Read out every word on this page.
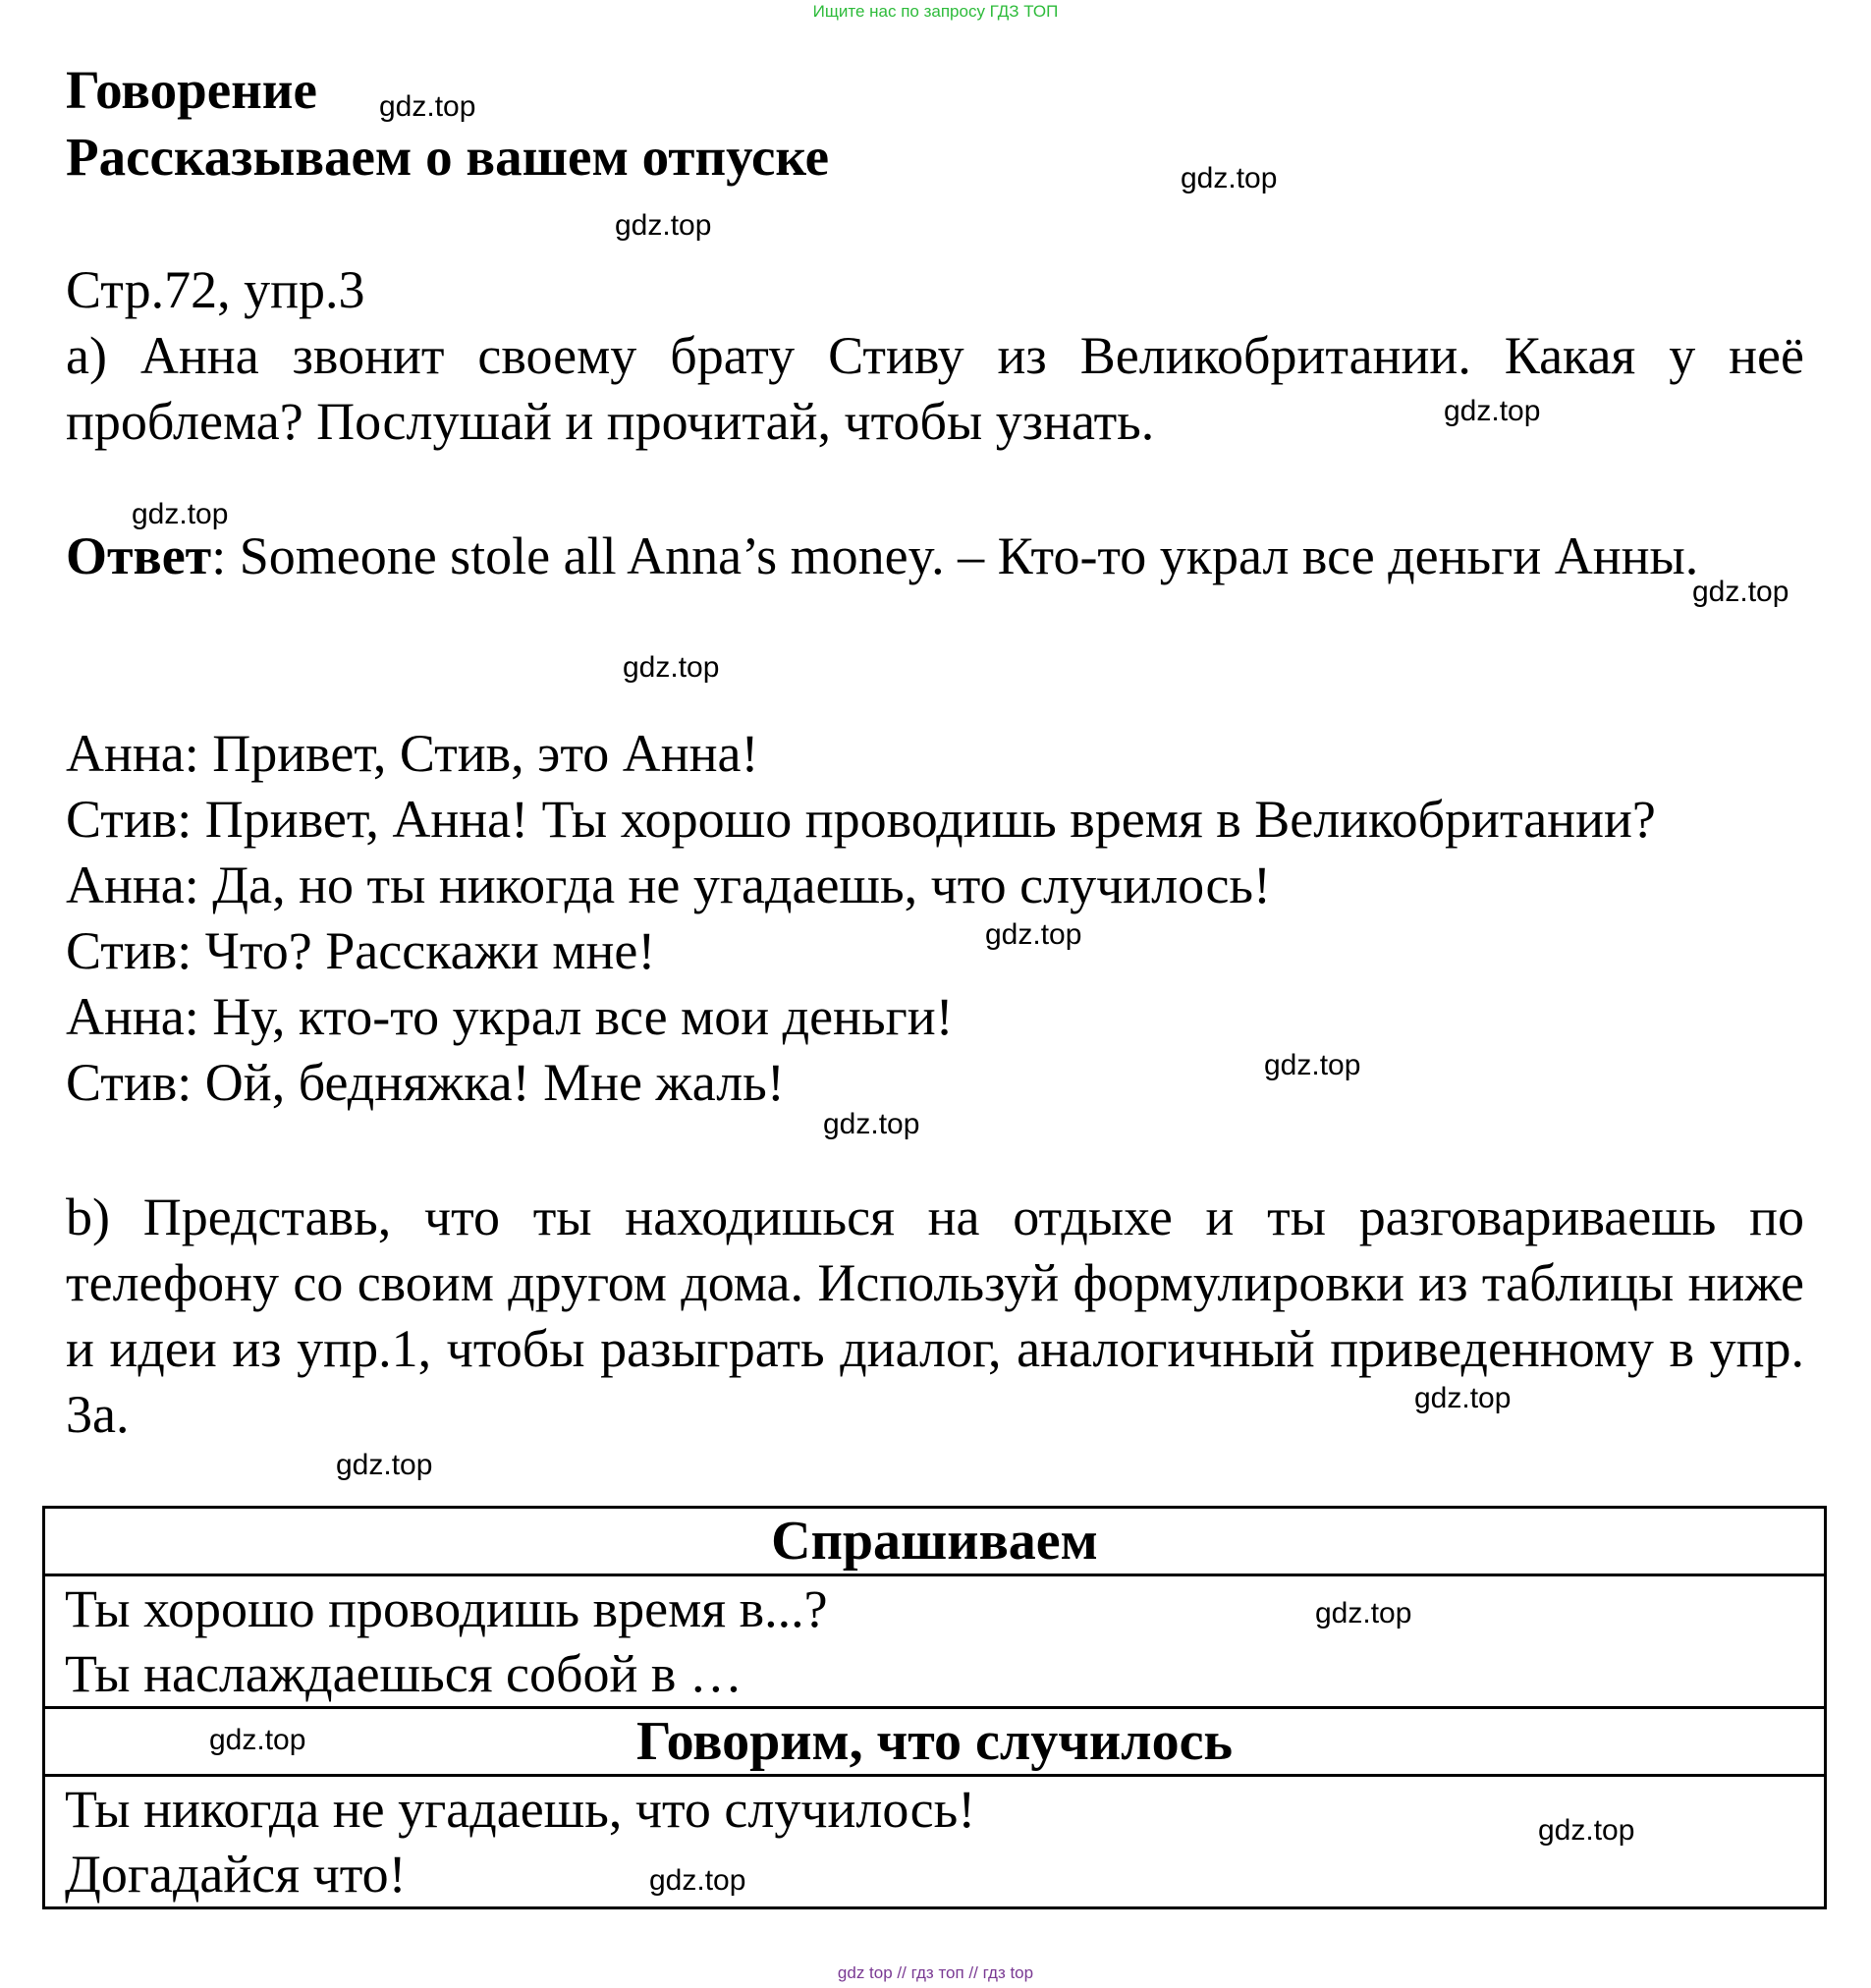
Ищите нас по запросу ГДЗ ТОП
Говорение
Рассказываем о вашем отпуске
Стр.72, упр.3
a) Анна звонит своему брату Стиву из Великобритании. Какая у неё проблема? Послушай и прочитай, чтобы узнать.
Ответ: Someone stole all Anna’s money. – Кто-то украл все деньги Анны.
Анна: Привет, Стив, это Анна!
Стив: Привет, Анна! Ты хорошо проводишь время в Великобритании?
Анна: Да, но ты никогда не угадаешь, что случилось!
Стив: Что? Расскажи мне!
Анна: Ну, кто-то украл все мои деньги!
Стив: Ой, бедняжка! Мне жаль!
b) Представь, что ты находишься на отдыхе и ты разговариваешь по телефону со своим другом дома. Используй формулировки из таблицы ниже и идеи из упр.1, чтобы разыграть диалог, аналогичный приведенному в упр. 3a.
Спрашиваем

Ты хорошо проводишь время в...?
Ты наслаждаешься собой в …

Говорим, что случилось

Ты никогда не угадаешь, что случилось!
Догадайся что!
gdz.top
gdz.top
gdz.top
gdz.top
gdz.top
gdz.top
gdz.top
gdz.top
gdz.top
gdz.top
gdz.top
gdz.top
gdz.top
gdz.top
gdz.top
gdz.top
gdz top // гдз топ // гдз top
